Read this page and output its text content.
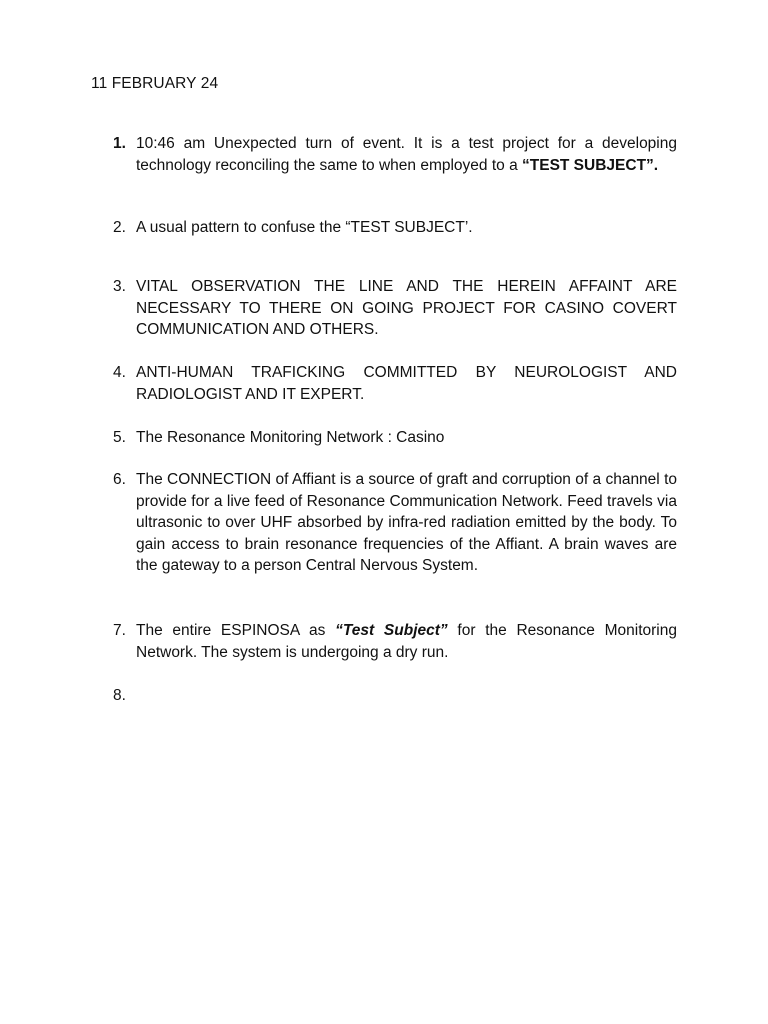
11 FEBRUARY 24
1. 10:46 am Unexpected turn of event. It is a test project for a developing technology reconciling the same to when employed to a “TEST SUBJECT”.
2. A usual pattern to confuse the “TEST SUBJECT’.
3. VITAL OBSERVATION THE LINE AND THE HEREIN AFFAINT ARE NECESSARY TO THERE ON GOING PROJECT FOR CASINO COVERT COMMUNICATION AND OTHERS.
4. ANTI-HUMAN TRAFICKING COMMITTED BY NEUROLOGIST AND RADIOLOGIST AND IT EXPERT.
5. The Resonance Monitoring Network : Casino
6. The CONNECTION of Affiant is a source of graft and corruption of a channel to provide for a live feed of Resonance Communication Network. Feed travels via ultrasonic to over UHF absorbed by infra-red radiation emitted by the body. To gain access to brain resonance frequencies of the Affiant. A brain waves are the gateway to a person Central Nervous System.
7. The entire ESPINOSA as “Test Subject” for the Resonance Monitoring Network. The system is undergoing a dry run.
8.
